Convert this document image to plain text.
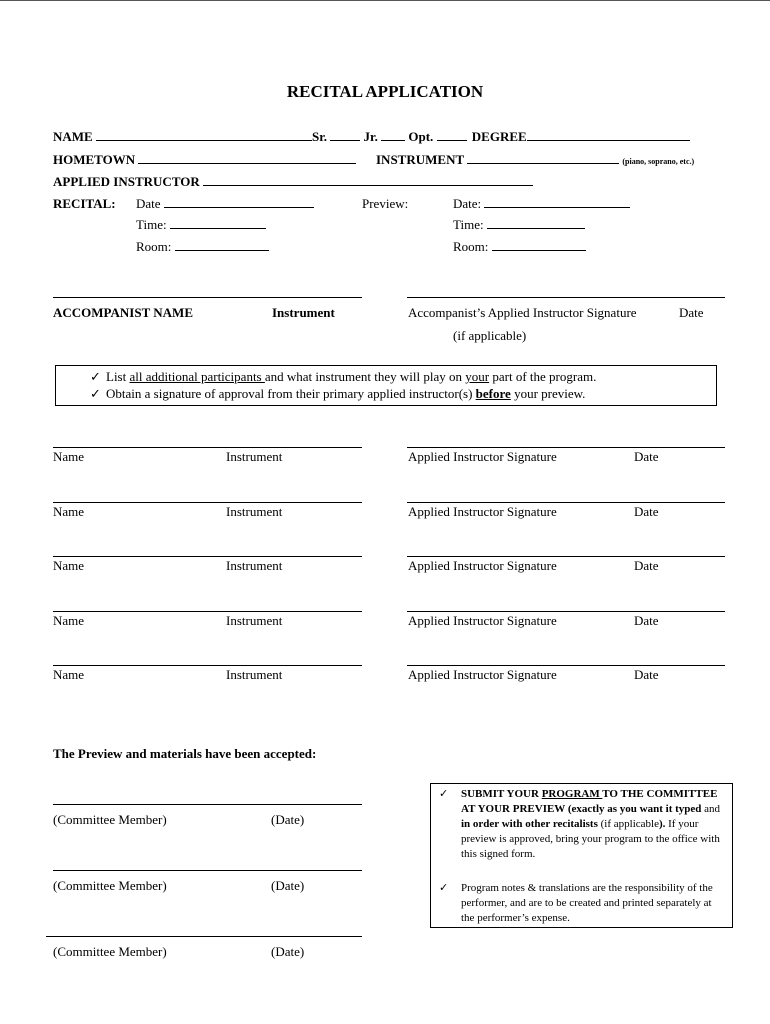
RECITAL APPLICATION
NAME	Sr.	Jr. Opt.	DEGREE
HOMETOWN	INSTRUMENT	(piano, soprano, etc.)
APPLIED INSTRUCTOR
RECITAL: Date
Time:
Room:
Preview:	Date:
Time:
Room:
ACCOMPANIST NAME	Instrument	Accompanist’s Applied Instructor Signature	Date
(if applicable)
✓ List all additional participants and what instrument they will play on your part of the program.
✓ Obtain a signature of approval from their primary applied instructor(s) before your preview.
Name	Instrument	Applied Instructor Signature	Date
Name	Instrument	Applied Instructor Signature	Date
Name	Instrument	Applied Instructor Signature	Date
Name	Instrument	Applied Instructor Signature	Date
Name	Instrument	Applied Instructor Signature	Date
The Preview and materials have been accepted:
(Committee Member)	(Date)
(Committee Member)	(Date)
(Committee Member)	(Date)
✓ SUBMIT YOUR PROGRAM TO THE COMMITTEE AT YOUR PREVIEW (exactly as you want it typed and in order with other recitalists (if applicable). If your preview is approved, bring your program to the office with this signed form.
✓ Program notes & translations are the responsibility of the performer, and are to be created and printed separately at the performer’s expense.
